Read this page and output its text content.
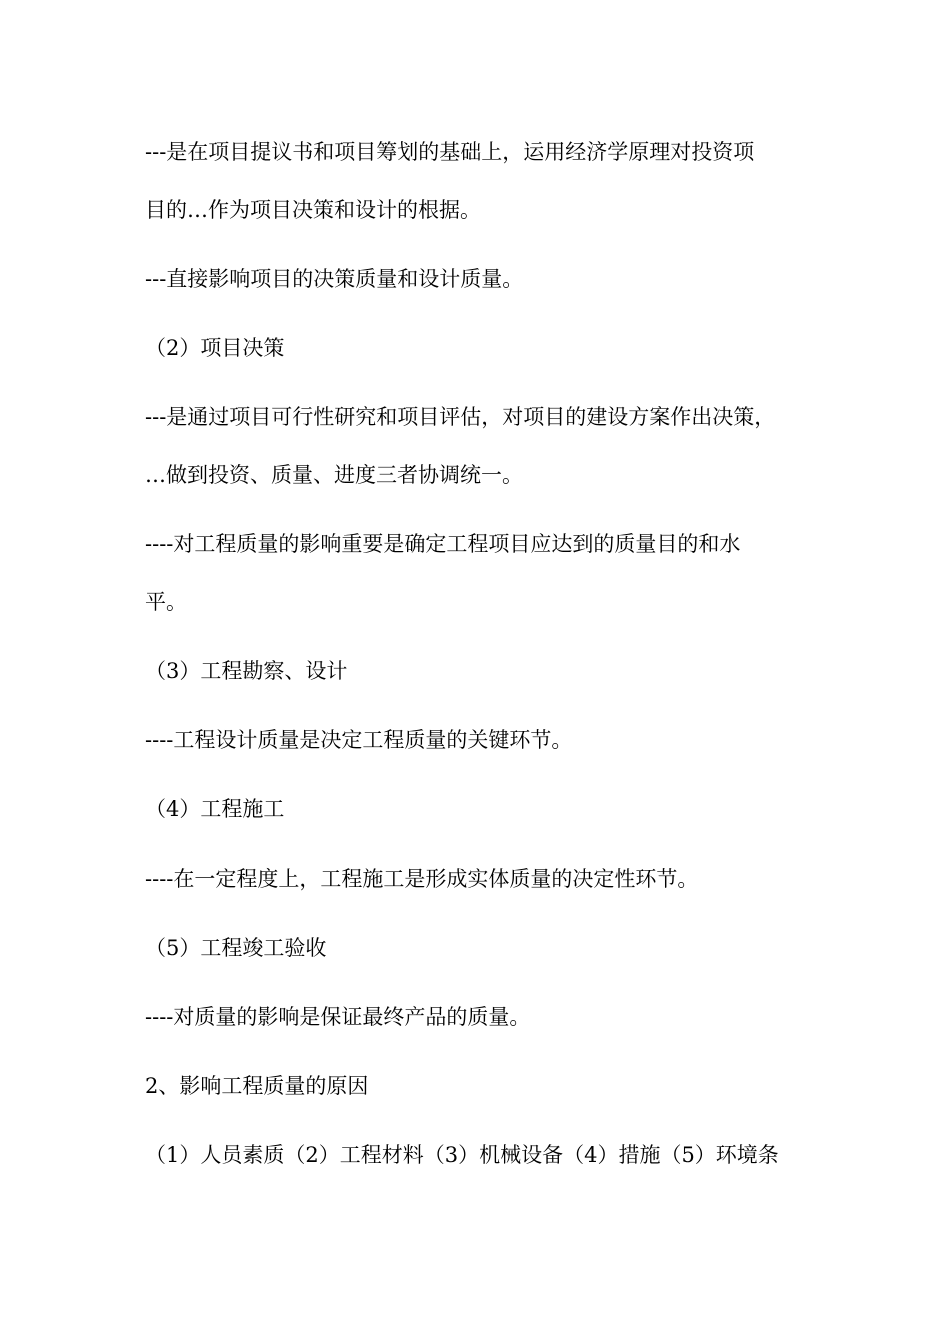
---是在项目提议书和项目筹划的基础上，运用经济学原理对投资项
目的…作为项目决策和设计的根据。
---直接影响项目的决策质量和设计质量。
（2）项目决策
---是通过项目可行性研究和项目评估，对项目的建设方案作出决策，
…做到投资、质量、进度三者协调统一。
----对工程质量的影响重要是确定工程项目应达到的质量目的和水
平。
（3）工程勘察、设计
----工程设计质量是决定工程质量的关键环节。
（4）工程施工
----在一定程度上，工程施工是形成实体质量的决定性环节。
（5）工程竣工验收
----对质量的影响是保证最终产品的质量。
2、影响工程质量的原因
（1）人员素质（2）工程材料（3）机械设备（4）措施（5）环境条
